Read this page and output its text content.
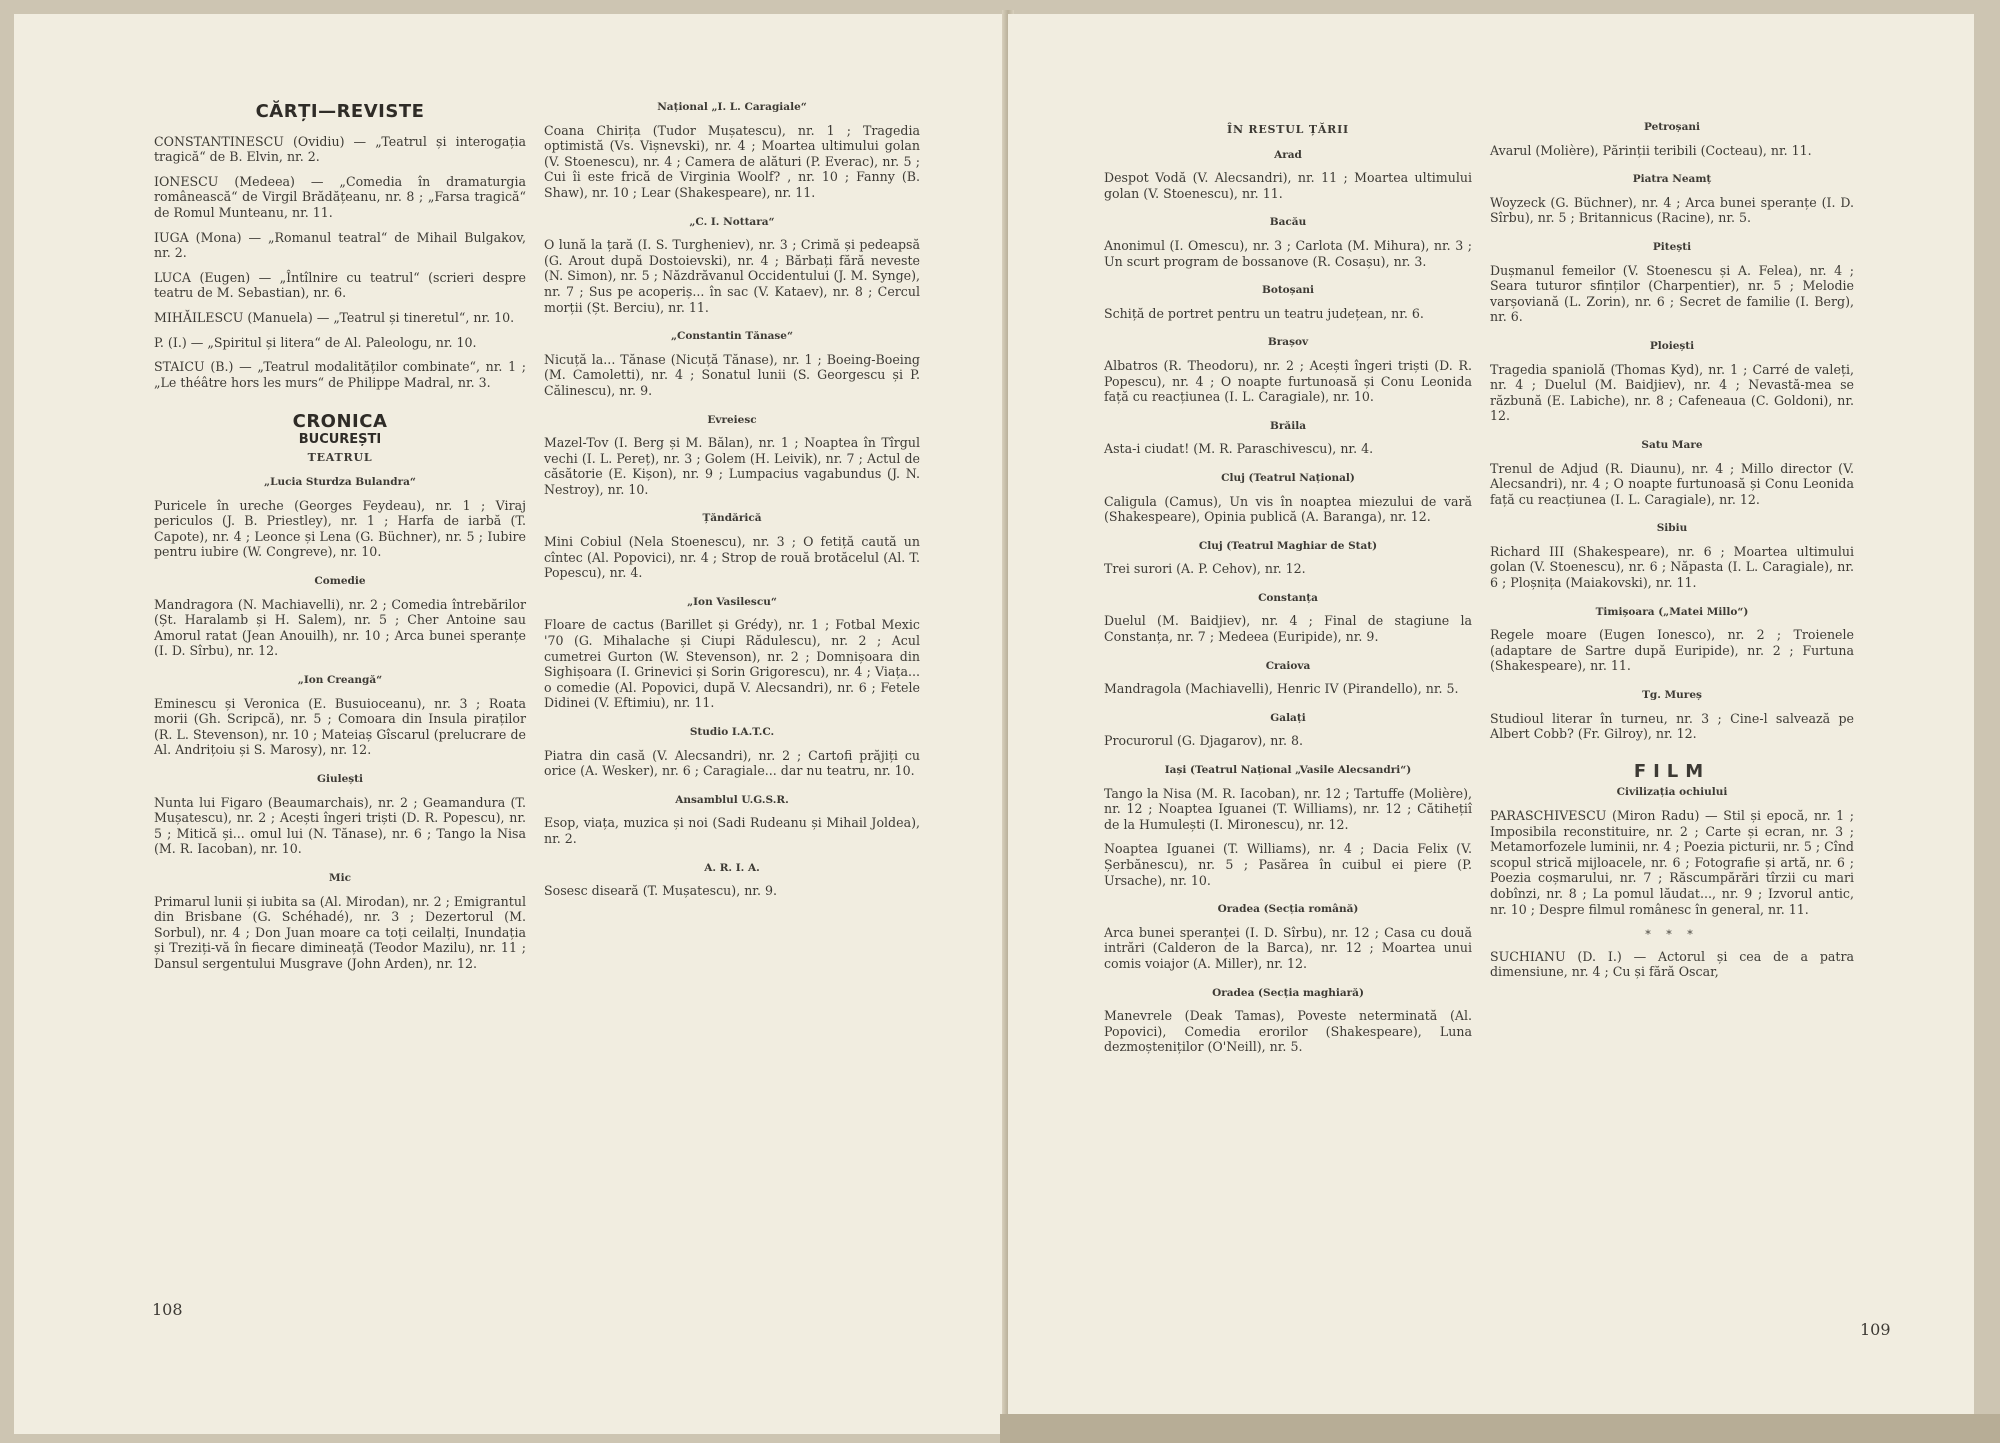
CĂRȚI—REVISTE

CONSTANTINESCU (Ovidiu) — „Teatrul și interogația tragică“ de B. Elvin, nr. 2.

IONESCU (Medeea) — „Comedia în dramaturgia românească“ de Virgil Brădățeanu, nr. 8 ; „Farsa tragică“ de Romul Munteanu, nr. 11.

IUGA (Mona) — „Romanul teatral“ de Mihail Bulgakov, nr. 2.

LUCA (Eugen) — „Întîlnire cu teatrul“ (scrieri despre teatru de M. Sebastian), nr. 6.

MIHĂILESCU (Manuela) — „Teatrul și tineretul“, nr. 10.

P. (I.) — „Spiritul și litera“ de Al. Paleologu, nr. 10.

STAICU (B.) — „Teatrul modalităților combinate“, nr. 1 ; „Le théâtre hors les murs“ de Philippe Madral, nr. 3.

CRONICA
BUCUREȘTI
TEATRUL
„Lucia Sturdza Bulandra“

Puricele în ureche (Georges Feydeau), nr. 1 ; Viraj periculos (J. B. Priestley), nr. 1 ; Harfa de iarbă (T. Capote), nr. 4 ; Leonce și Lena (G. Büchner), nr. 5 ; Iubire pentru iubire (W. Congreve), nr. 10.

Comedie

Mandragora (N. Machiavelli), nr. 2 ; Comedia întrebărilor (Șt. Haralamb și H. Salem), nr. 5 ; Cher Antoine sau Amorul ratat (Jean Anouilh), nr. 10 ; Arca bunei speranțe (I. D. Sîrbu), nr. 12.

„Ion Creangă“

Eminescu și Veronica (E. Busuioceanu), nr. 3 ; Roata morii (Gh. Scripcă), nr. 5 ; Comoara din Insula piraților (R. L. Stevenson), nr. 10 ; Mateiaș Gîscarul (prelucrare de Al. Andrițoiu și S. Marosy), nr. 12.

Giulești

Nunta lui Figaro (Beaumarchais), nr. 2 ; Geamandura (T. Mușatescu), nr. 2 ; Acești îngeri triști (D. R. Popescu), nr. 5 ; Mitică și... omul lui (N. Tănase), nr. 6 ; Tango la Nisa (M. R. Iacoban), nr. 10.

Mic

Primarul lunii și iubita sa (Al. Mirodan), nr. 2 ; Emigrantul din Brisbane (G. Schéhadé), nr. 3 ; Dezertorul (M. Sorbul), nr. 4 ; Don Juan moare ca toți ceilalți, Inundația și Treziți-vă în fiecare dimineață (Teodor Mazilu), nr. 11 ; Dansul sergentului Musgrave (John Arden), nr. 12.

Național „I. L. Caragiale“

Coana Chirița (Tudor Mușatescu), nr. 1 ; Tragedia optimistă (Vs. Vișnevski), nr. 4 ; Moartea ultimului golan (V. Stoenescu), nr. 4 ; Camera de alături (P. Everac), nr. 5 ; Cui îi este frică de Virginia Woolf? , nr. 10 ; Fanny (B. Shaw), nr. 10 ; Lear (Shakespeare), nr. 11.

„C. I. Nottara“

O lună la țară (I. S. Turgheniev), nr. 3 ; Crimă și pedeapsă (G. Arout după Dostoievski), nr. 4 ; Bărbați fără neveste (N. Simon), nr. 5 ; Năzdrăvanul Occidentului (J. M. Synge), nr. 7 ; Sus pe acoperiș... în sac (V. Kataev), nr. 8 ; Cercul morții (Șt. Berciu), nr. 11.

„Constantin Tănase“

Nicuță la... Tănase (Nicuță Tănase), nr. 1 ; Boeing-Boeing (M. Camoletti), nr. 4 ; Sonatul lunii (S. Georgescu și P. Călinescu), nr. 9.

Evreiesc

Mazel-Tov (I. Berg și M. Bălan), nr. 1 ; Noaptea în Tîrgul vechi (I. L. Pereț), nr. 3 ; Golem (H. Leivik), nr. 7 ; Actul de căsătorie (E. Kișon), nr. 9 ; Lumpacius vagabundus (J. N. Nestroy), nr. 10.

Țăndărică

Mini Cobiul (Nela Stoenescu), nr. 3 ; O fetiță caută un cîntec (Al. Popovici), nr. 4 ; Strop de rouă brotăcelul (Al. T. Popescu), nr. 4.

„Ion Vasilescu“

Floare de cactus (Barillet și Grédy), nr. 1 ; Fotbal Mexic '70 (G. Mihalache și Ciupi Rădulescu), nr. 2 ; Acul cumetrei Gurton (W. Stevenson), nr. 2 ; Domnișoara din Sighișoara (I. Grinevici și Sorin Grigorescu), nr. 4 ; Viața... o comedie (Al. Popovici, după V. Alecsandri), nr. 6 ; Fetele Didinei (V. Eftimiu), nr. 11.

Studio I.A.T.C.

Piatra din casă (V. Alecsandri), nr. 2 ; Cartofi prăjiți cu orice (A. Wesker), nr. 6 ; Caragiale... dar nu teatru, nr. 10.

Ansamblul U.G.S.R.

Esop, viața, muzica și noi (Sadi Rudeanu și Mihail Joldea), nr. 2.

A. R. I. A.

Sosesc diseară (T. Mușatescu), nr. 9.

108
ÎN RESTUL ȚĂRII
Arad

Despot Vodă (V. Alecsandri), nr. 11 ; Moartea ultimului golan (V. Stoenescu), nr. 11.

Bacău

Anonimul (I. Omescu), nr. 3 ; Carlota (M. Mihura), nr. 3 ; Un scurt program de bossanove (R. Cosașu), nr. 3.

Botoșani

Schiță de portret pentru un teatru județean, nr. 6.

Brașov

Albatros (R. Theodoru), nr. 2 ; Acești îngeri triști (D. R. Popescu), nr. 4 ; O noapte furtunoasă și Conu Leonida față cu reacțiunea (I. L. Caragiale), nr. 10.

Brăila

Asta-i ciudat! (M. R. Paraschivescu), nr. 4.

Cluj (Teatrul Național)

Caligula (Camus), Un vis în noaptea miezului de vară (Shakespeare), Opinia publică (A. Baranga), nr. 12.

Cluj (Teatrul Maghiar de Stat)

Trei surori (A. P. Cehov), nr. 12.

Constanța

Duelul (M. Baidjiev), nr. 4 ; Final de stagiune la Constanța, nr. 7 ; Medeea (Euripide), nr. 9.

Craiova

Mandragola (Machiavelli), Henric IV (Pirandello), nr. 5.

Galați

Procurorul (G. Djagarov), nr. 8.

Iași (Teatrul Național „Vasile Alecsandri“)

Tango la Nisa (M. R. Iacoban), nr. 12 ; Tartuffe (Molière), nr. 12 ; Noaptea Iguanei (T. Williams), nr. 12 ; Cătihețiî de la Humulești (I. Mironescu), nr. 12.

Noaptea Iguanei (T. Williams), nr. 4 ; Dacia Felix (V. Șerbănescu), nr. 5 ; Pasărea în cuibul ei piere (P. Ursache), nr. 10.

Oradea (Secția română)

Arca bunei speranței (I. D. Sîrbu), nr. 12 ; Casa cu două intrări (Calderon de la Barca), nr. 12 ; Moartea unui comis voiajor (A. Miller), nr. 12.

Oradea (Secția maghiară)

Manevrele (Deak Tamas), Poveste neterminată (Al. Popovici), Comedia erorilor (Shakespeare), Luna dezmoșteniților (O'Neill), nr. 5.

Petroșani

Avarul (Molière), Părinții teribili (Cocteau), nr. 11.

Piatra Neamț

Woyzeck (G. Büchner), nr. 4 ; Arca bunei speranțe (I. D. Sîrbu), nr. 5 ; Britannicus (Racine), nr. 5.

Pitești

Dușmanul femeilor (V. Stoenescu și A. Felea), nr. 4 ; Seara tuturor sfinților (Charpentier), nr. 5 ; Melodie varșoviană (L. Zorin), nr. 6 ; Secret de familie (I. Berg), nr. 6.

Ploiești

Tragedia spaniolă (Thomas Kyd), nr. 1 ; Carré de valeți, nr. 4 ; Duelul (M. Baidjiev), nr. 4 ; Nevastă-mea se răzbună (E. Labiche), nr. 8 ; Cafeneaua (C. Goldoni), nr. 12.

Satu Mare

Trenul de Adjud (R. Diaunu), nr. 4 ; Millo director (V. Alecsandri), nr. 4 ; O noapte furtunoasă și Conu Leonida față cu reacțiunea (I. L. Caragiale), nr. 12.

Sibiu

Richard III (Shakespeare), nr. 6 ; Moartea ultimului golan (V. Stoenescu), nr. 6 ; Năpasta (I. L. Caragiale), nr. 6 ; Ploșnița (Maiakovski), nr. 11.

Timișoara („Matei Millo“)

Regele moare (Eugen Ionesco), nr. 2 ; Troienele (adaptare de Sartre după Euripide), nr. 2 ; Furtuna (Shakespeare), nr. 11.

Tg. Mureș

Studioul literar în turneu, nr. 3 ; Cine-l salvează pe Albert Cobb? (Fr. Gilroy), nr. 12.

FILM
Civilizația ochiului

PARASCHIVESCU (Miron Radu) — Stil și epocă, nr. 1 ; Imposibila reconstituire, nr. 2 ; Carte și ecran, nr. 3 ; Metamorfozele luminii, nr. 4 ; Poezia picturii, nr. 5 ; Cînd scopul strică mijloacele, nr. 6 ; Fotografie și artă, nr. 6 ; Poezia coșmarului, nr. 7 ; Răscumpărări tîrzii cu mari dobînzi, nr. 8 ; La pomul lăudat..., nr. 9 ; Izvorul antic, nr. 10 ; Despre filmul românesc în general, nr. 11.

* * *

SUCHIANU (D. I.) — Actorul și cea de a patra dimensiune, nr. 4 ; Cu și fără Oscar,

109
